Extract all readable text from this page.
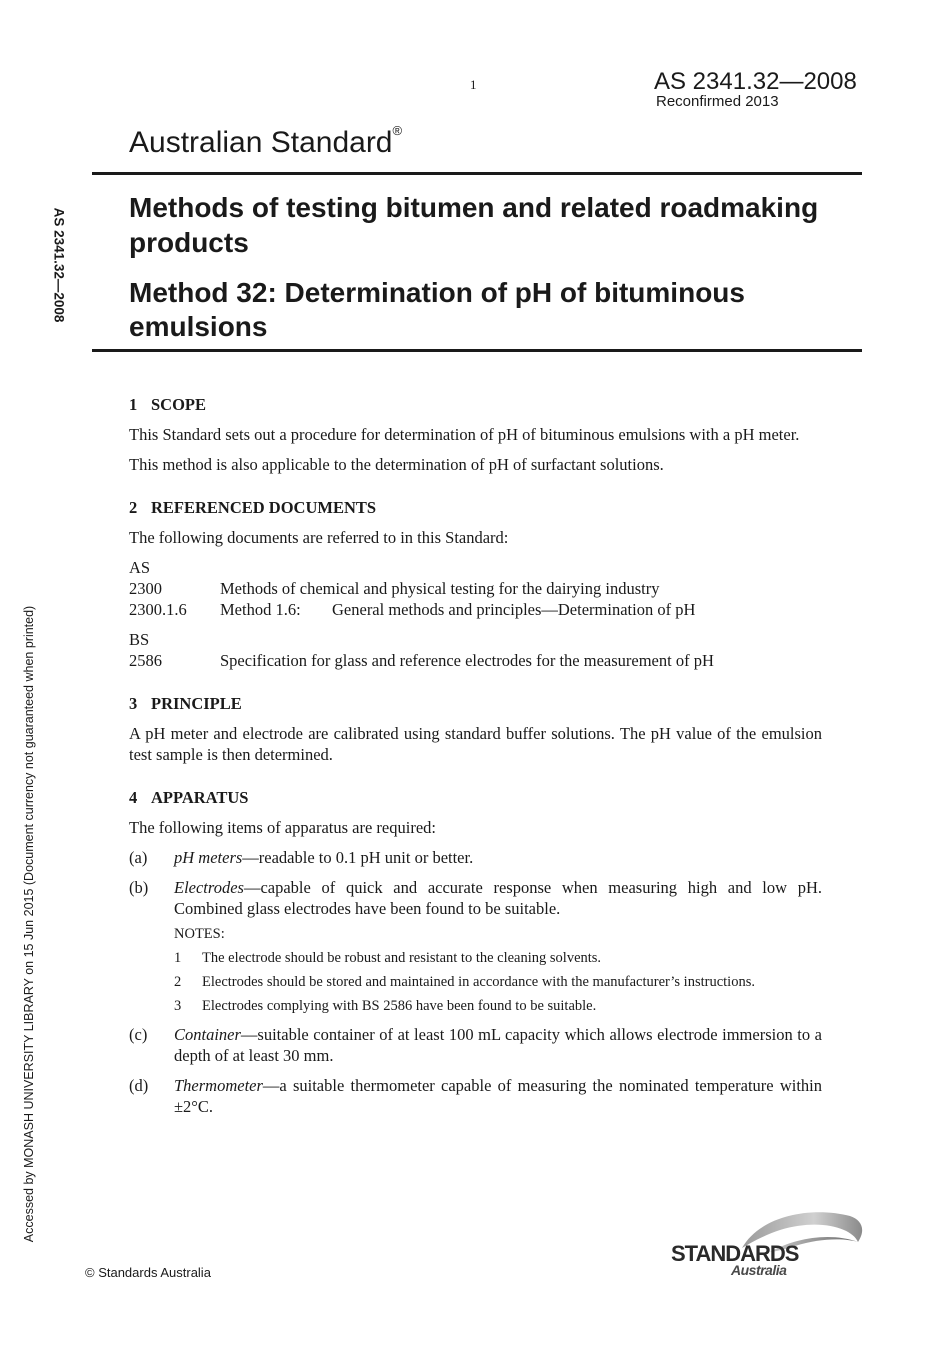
1	AS 2341.32—2008
Reconfirmed 2013
Australian Standard®
Methods of testing bitumen and related roadmaking products
Method 32: Determination of pH of bituminous emulsions
AS 2341.32—2008
Accessed by MONASH UNIVERSITY LIBRARY on 15 Jun 2015 (Document currency not guaranteed when printed)
1 SCOPE

This Standard sets out a procedure for determination of pH of bituminous emulsions with a pH meter.

This method is also applicable to the determination of pH of surfactant solutions.

2 REFERENCED DOCUMENTS

The following documents are referred to in this Standard:

AS
2300	Methods of chemical and physical testing for the dairying industry
2300.1.6	Method 1.6:	General methods and principles—Determination of pH
BS
2586	Specification for glass and reference electrodes for the measurement of pH
3 PRINCIPLE

A pH meter and electrode are calibrated using standard buffer solutions. The pH value of the emulsion test sample is then determined.

4 APPARATUS

The following items of apparatus are required:

(a)	pH meters—readable to 0.1 pH unit or better.
(b)	Electrodes—capable of quick and accurate response when measuring high and low pH. Combined glass electrodes have been found to be suitable.
NOTES:
1	The electrode should be robust and resistant to the cleaning solvents.
2	Electrodes should be stored and maintained in accordance with the manufacturer’s instructions.
3	Electrodes complying with BS 2586 have been found to be suitable.
(c)	Container—suitable container of at least 100 mL capacity which allows electrode immersion to a depth of at least 30 mm.
(d)	Thermometer—a suitable thermometer capable of measuring the nominated temperature within ±2°C.
© Standards Australia
STANDARDS
Australia
